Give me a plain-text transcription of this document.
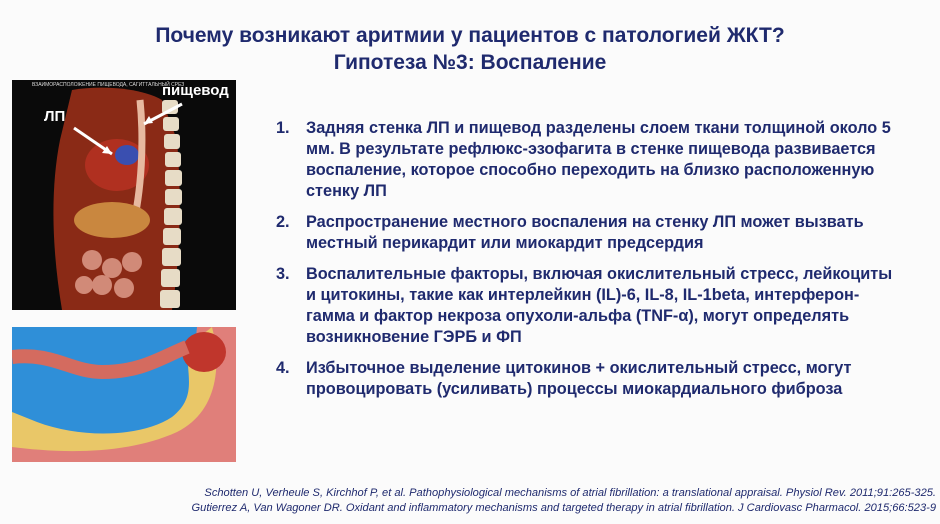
Почему возникают аритмии у пациентов с патологией ЖКТ?
Гипотеза №3: Воспаление
ВЗАИМОРАСПОЛОЖЕНИЕ ПИЩЕВОДА, САГИТТАЛЬНЫЙ СРЕЗ
ЛП
пищевод
1.	Задняя стенка ЛП и пищевод разделены слоем ткани толщиной около 5 мм. В результате рефлюкс-эзофагита в стенке пищевода развивается воспаление, которое способно переходить на близко расположенную стенку ЛП
2.	Распространение местного воспаления на стенку ЛП может вызвать местный перикардит или миокардит предсердия
3.	Воспалительные факторы, включая окислительный стресс, лейкоциты и цитокины, такие как интерлейкин (IL)-6, IL-8, IL-1beta, интерферон-гамма и фактор некроза опухоли-альфа (TNF-α), могут определять возникновение ГЭРБ и ФП
4.	Избыточное выделение цитокинов + окислительный стресс, могут провоцировать (усиливать) процессы миокардиального фиброза
Schotten U, Verheule S, Kirchhof P, et al. Pathophysiological mechanisms of atrial fibrillation: a translational appraisal. Physiol Rev. 2011;91:265-325.
Gutierrez A, Van Wagoner DR. Oxidant and inflammatory mechanisms and targeted therapy in atrial fibrillation. J Cardiovasc Pharmacol. 2015;66:523-9
